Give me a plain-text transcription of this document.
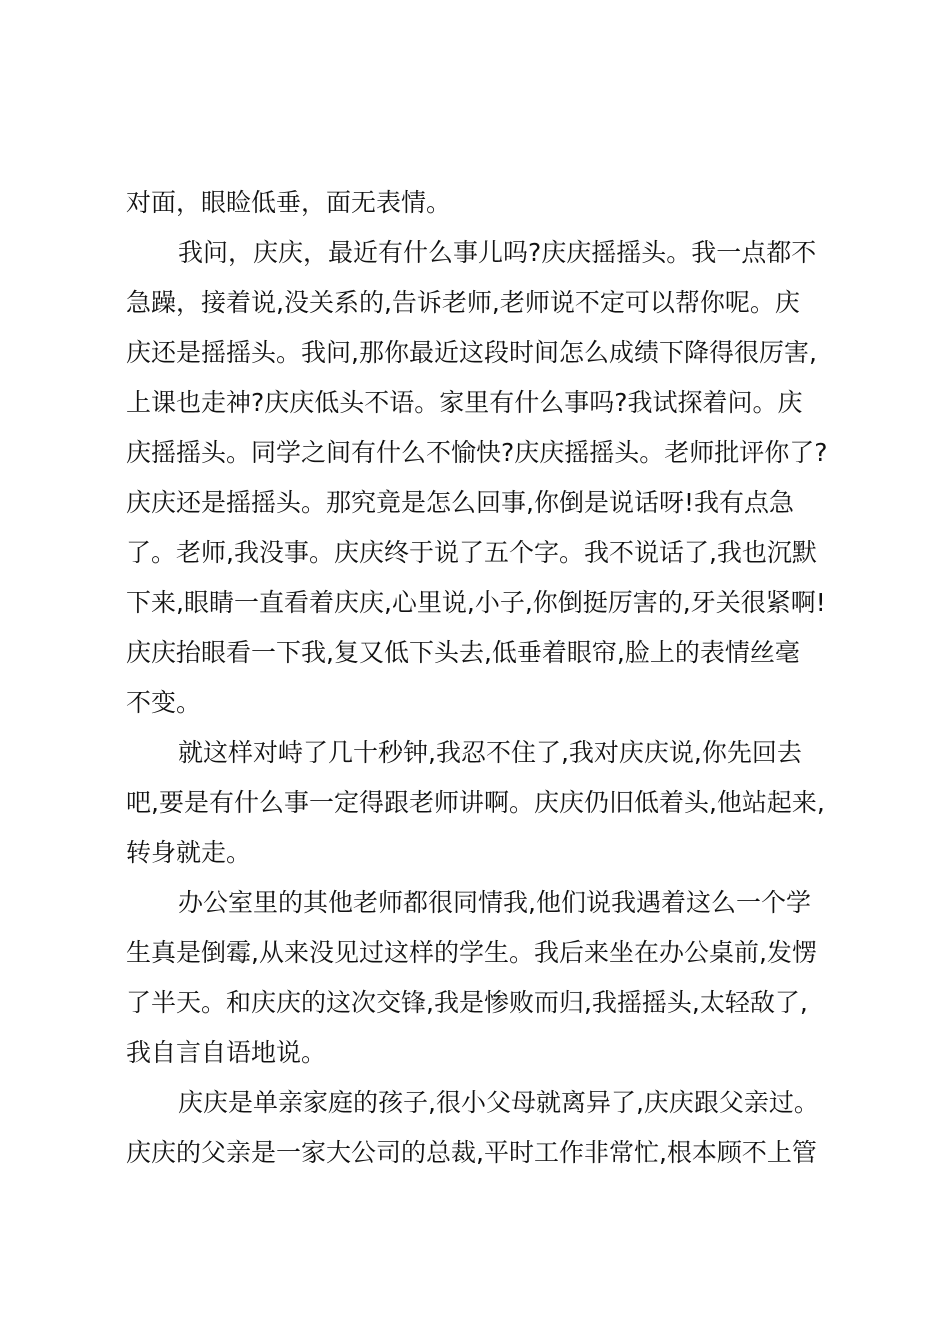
对面，眼睑低垂，面无表情。
我问，庆庆，最近有什么事儿吗?庆庆摇摇头。我一点都不
急躁，接着说,没关系的,告诉老师,老师说不定可以帮你呢。庆
庆还是摇摇头。我问,那你最近这段时间怎么成绩下降得很厉害,
上课也走神?庆庆低头不语。家里有什么事吗?我试探着问。庆
庆摇摇头。同学之间有什么不愉快?庆庆摇摇头。老师批评你了?
庆庆还是摇摇头。那究竟是怎么回事,你倒是说话呀!我有点急
了。老师,我没事。庆庆终于说了五个字。我不说话了,我也沉默
下来,眼睛一直看着庆庆,心里说,小子,你倒挺厉害的,牙关很紧啊!
庆庆抬眼看一下我,复又低下头去,低垂着眼帘,脸上的表情丝毫
不变。
就这样对峙了几十秒钟,我忍不住了,我对庆庆说,你先回去
吧,要是有什么事一定得跟老师讲啊。庆庆仍旧低着头,他站起来,
转身就走。
办公室里的其他老师都很同情我,他们说我遇着这么一个学
生真是倒霉,从来没见过这样的学生。我后来坐在办公桌前,发愣
了半天。和庆庆的这次交锋,我是惨败而归,我摇摇头,太轻敌了,
我自言自语地说。
庆庆是单亲家庭的孩子,很小父母就离异了,庆庆跟父亲过。
庆庆的父亲是一家大公司的总裁,平时工作非常忙,根本顾不上管
